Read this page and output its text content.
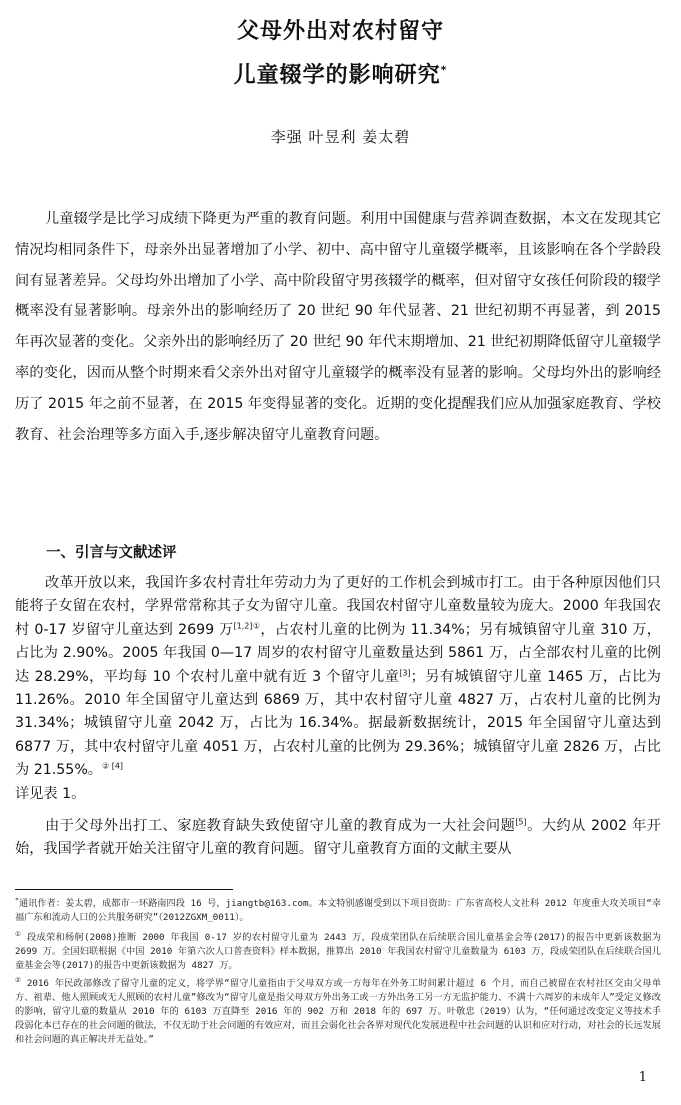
父母外出对农村留守
儿童辍学的影响研究*
李强 叶昱利 姜太碧
儿童辍学是比学习成绩下降更为严重的教育问题。利用中国健康与营养调查数据，本文在发现其它情况均相同条件下，母亲外出显著增加了小学、初中、高中留守儿童辍学概率，且该影响在各个学龄段间有显著差异。父母均外出增加了小学、高中阶段留守男孩辍学的概率，但对留守女孩任何阶段的辍学概率没有显著影响。母亲外出的影响经历了 20 世纪 90 年代显著、21 世纪初期不再显著，到 2015 年再次显著的变化。父亲外出的影响经历了 20 世纪 90 年代末期增加、21 世纪初期降低留守儿童辍学率的变化，因而从整个时期来看父亲外出对留守儿童辍学的概率没有显著的影响。父母均外出的影响经历了 2015 年之前不显著，在 2015 年变得显著的变化。近期的变化提醒我们应从加强家庭教育、学校教育、社会治理等多方面入手,逐步解决留守儿童教育问题。
一、引言与文献述评
改革开放以来，我国许多农村青壮年劳动力为了更好的工作机会到城市打工。由于各种原因他们只能将子女留在农村，学界常常称其子女为留守儿童。我国农村留守儿童数量较为庞大。2000 年我国农村 0-17 岁留守儿童达到 2699 万$^{[1,2]①}$，占农村儿童的比例为 11.34%；另有城镇留守儿童 310 万，占比为 2.90%。2005 年我国 0—17 周岁的农村留守儿童数量达到 5861 万，占全部农村儿童的比例达 28.29%，平均每 10 个农村儿童中就有近 3 个留守儿童[3]；另有城镇留守儿童 1465 万，占比为 11.26%。2010 年全国留守儿童达到 6869 万，其中农村留守儿童 4827 万，占农村儿童的比例为 31.34%；城镇留守儿童 2042 万，占比为 16.34%。据最新数据统计，2015 年全国留守儿童达到 6877 万，其中农村留守儿童 4051 万，占农村儿童的比例为 29.36%；城镇留守儿童 2826 万，占比为 21.55%。$^{② [4]}$
详见表 1。
由于父母外出打工、家庭教育缺失致使留守儿童的教育成为一大社会问题[5]。大约从 2002 年开始，我国学者就开始关注留守儿童的教育问题。留守儿童教育方面的文献主要从
*通讯作者：姜太碧，成都市一环路南四段 16 号，jiangtb@163.com。本文特别感谢受到以下项目资助：广东省高校人文社科 2012 年度重大攻关项目“幸福广东和流动人口的公共服务研究”（2012ZGXM_0011）。
① 段成荣和杨舸(2008)推断 2000 年我国 0-17 岁的农村留守儿童为 2443 万，段成荣团队在后续联合国儿童基金会等(2017)的报告中更新该数据为 2699 万。全国妇联根据《中国 2010 年第六次人口普查资料》样本数据，推算出 2010 年我国农村留守儿童数量为 6103 万，段成荣团队在后续联合国儿童基金会等(2017)的报告中更新该数据为 4827 万。
② 2016 年民政部修改了留守儿童的定义，将学界“留守儿童指由于父母双方或一方每年在外务工时间累计超过 6 个月，而自己被留在农村社区交由父母单方、祖辈、他人照顾或无人照顾的农村儿童”修改为“留守儿童是指父母双方外出务工或一方外出务工另一方无监护能力、不满十六周岁的未成年人”受定义修改的影响，留守儿童的数量从 2010 年的 6103 万直降至 2016 年的 902 万和 2018 年的 697 万。叶敬忠（2019）认为，“任何通过改变定义等技术手段弱化本已存在的社会问题的做法，不仅无助于社会问题的有效应对，而且会弱化社会各界对现代化发展进程中社会问题的认识和应对行动，对社会的长远发展和社会问题的真正解决并无益处。”
1
